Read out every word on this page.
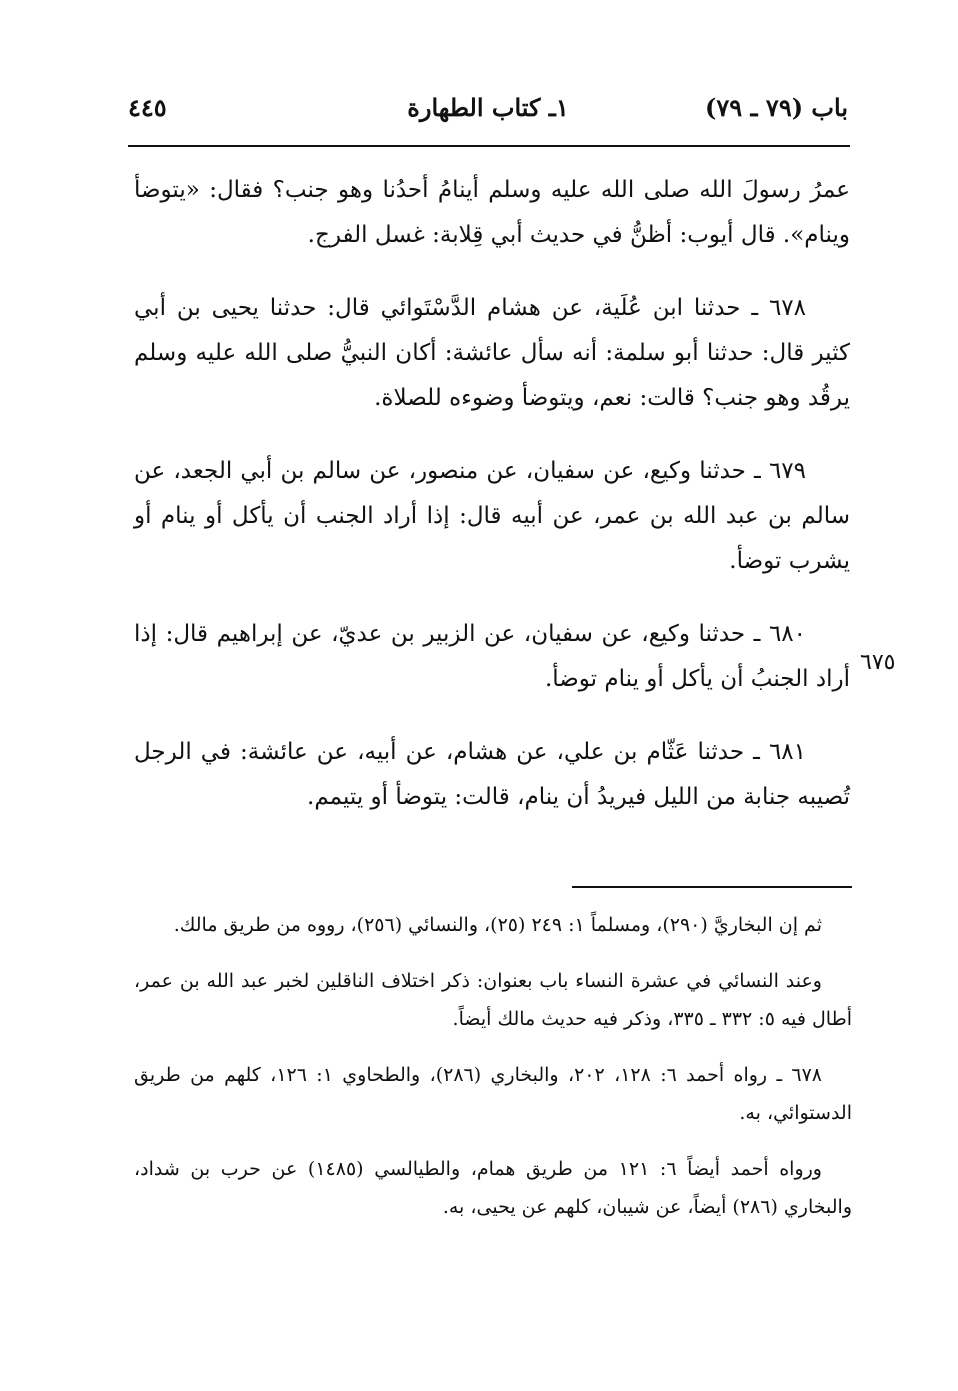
باب (٧٩ ـ ٧٩)
١ـ كتاب الطهارة
٤٤٥

عمرُ رسولَ الله صلى الله عليه وسلم أينامُ أحدُنا وهو جنب؟ فقال: «يتوضأ وينام». قال أيوب: أظنُّ في حديث أبي قِلابة: غسل الفرج.

٦٧٨ ـ حدثنا ابن عُلَية، عن هشام الدَّسْتَوائي قال: حدثنا يحيى بن أبي كثير قال: حدثنا أبو سلمة: أنه سأل عائشة: أكان النبيُّ صلى الله عليه وسلم يرقُد وهو جنب؟ قالت: نعم، ويتوضأ وضوءه للصلاة.

٦٧٩ ـ حدثنا وكيع، عن سفيان، عن منصور، عن سالم بن أبي الجعد، عن سالم بن عبد الله بن عمر، عن أبيه قال: إذا أراد الجنب أن يأكل أو ينام أو يشرب توضأ.

٦٨٠ ـ حدثنا وكيع، عن سفيان، عن الزبير بن عديّ، عن إبراهيم قال: إذا أراد الجنبُ أن يأكل أو ينام توضأ.

٦٨١ ـ حدثنا عَثّام بن علي، عن هشام، عن أبيه، عن عائشة: في الرجل تُصيبه جنابة من الليل فيريدُ أن ينام، قالت: يتوضأ أو يتيمم.

٦٧٥

ثم إن البخاريَّ (٢٩٠)، ومسلماً ١: ٢٤٩ (٢٥)، والنسائي (٢٥٦)، رووه من طريق مالك.

وعند النسائي في عشرة النساء باب بعنوان: ذكر اختلاف الناقلين لخبر عبد الله بن عمر، أطال فيه ٥: ٣٣٢ ـ ٣٣٥، وذكر فيه حديث مالك أيضاً.

٦٧٨ ـ رواه أحمد ٦: ١٢٨، ٢٠٢، والبخاري (٢٨٦)، والطحاوي ١: ١٢٦، كلهم من طريق الدستوائي، به.

ورواه أحمد أيضاً ٦: ١٢١ من طريق همام، والطيالسي (١٤٨٥) عن حرب بن شداد، والبخاري (٢٨٦) أيضاً، عن شيبان، كلهم عن يحيى، به.
